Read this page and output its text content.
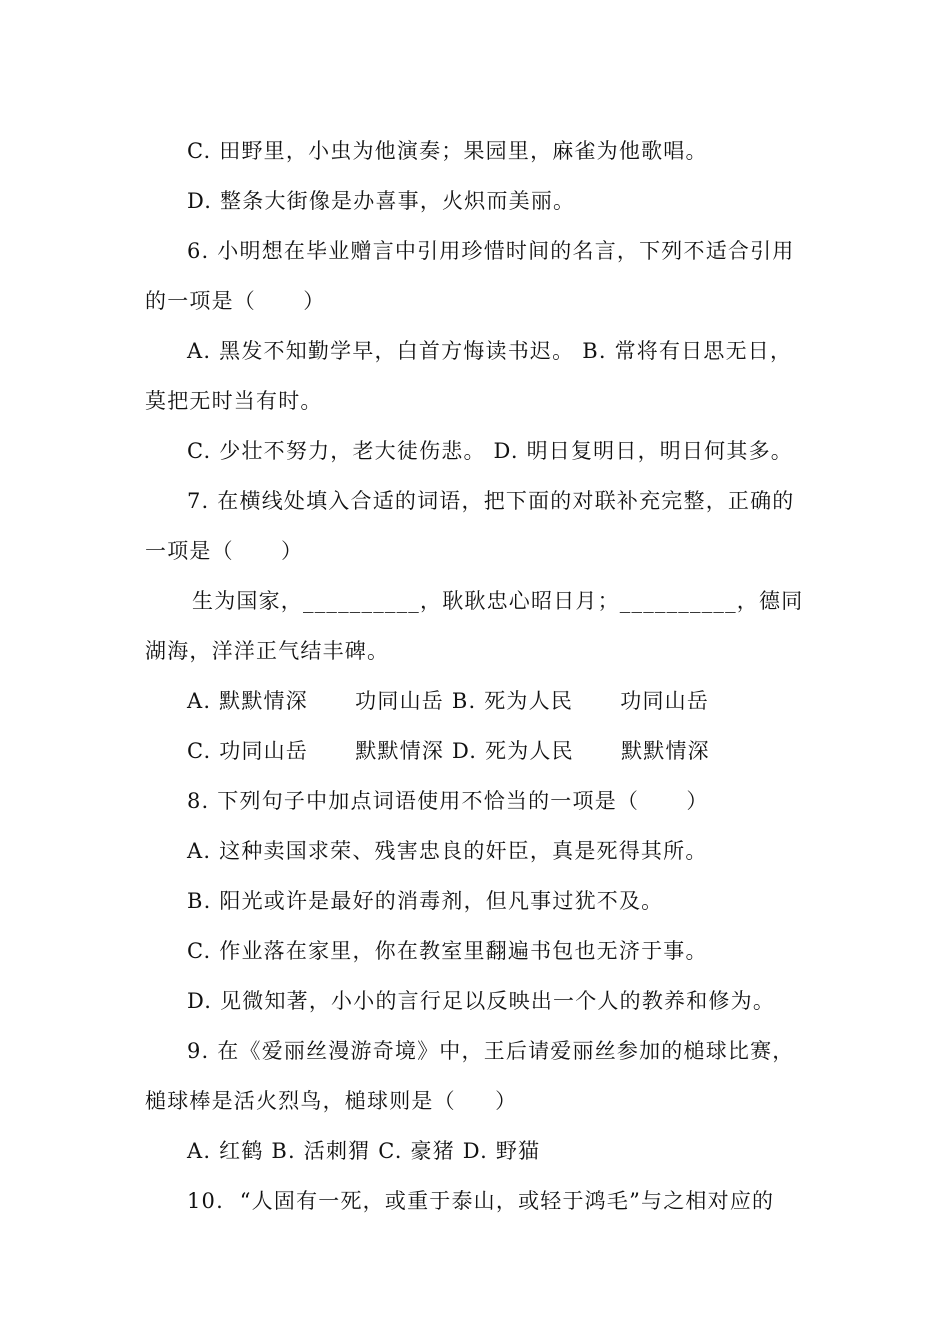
C. 田野里，小虫为他演奏；果园里，麻雀为他歌唱。
D. 整条大街像是办喜事，火炽而美丽。
6. 小明想在毕业赠言中引用珍惜时间的名言，下列不适合引用
的一项是（      ）
A. 黑发不知勤学早，白首方悔读书迟。 B. 常将有日思无日，
莫把无时当有时。
C. 少壮不努力，老大徒伤悲。 D. 明日复明日，明日何其多。
7. 在横线处填入合适的词语，把下面的对联补充完整，正确的
一项是（      ）
生为国家，__________，耿耿忠心昭日月；__________，德同
湖海，洋洋正气结丰碑。
A. 默默情深      功同山岳 B. 死为人民      功同山岳
C. 功同山岳      默默情深 D. 死为人民      默默情深
8. 下列句子中加点词语使用不恰当的一项是（      ）
A. 这种卖国求荣、残害忠良的奸臣，真是死得其所。
B. 阳光或许是最好的消毒剂，但凡事过犹不及。
C. 作业落在家里，你在教室里翻遍书包也无济于事。
D. 见微知著，小小的言行足以反映出一个人的教养和修为。
9. 在《爱丽丝漫游奇境》中，王后请爱丽丝参加的槌球比赛，
槌球棒是活火烈鸟，槌球则是（     ）
A. 红鹤 B. 活刺猬 C. 豪猪 D. 野猫
10.  “人固有一死，或重于泰山，或轻于鸿毛”与之相对应的
